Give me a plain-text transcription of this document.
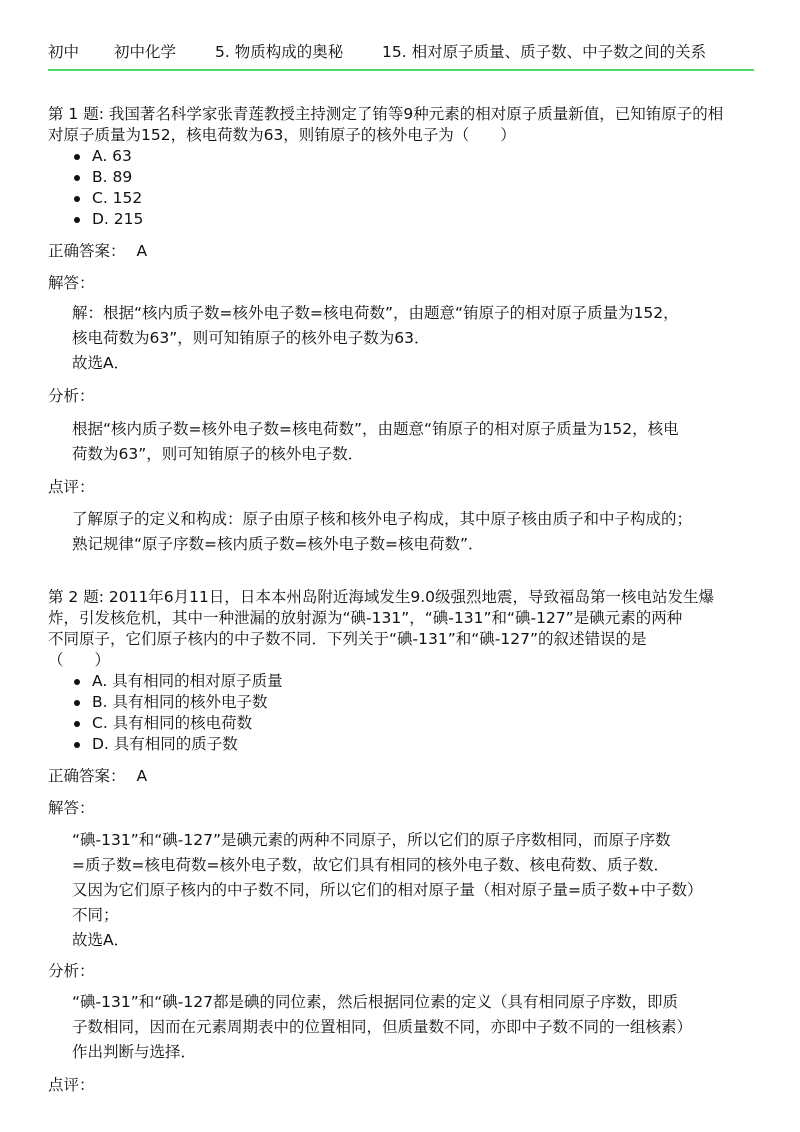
初中 初中化学	5. 物质构成的奥秘	15. 相对原子质量、质子数、中子数之间的关系
第 1 题: 我国著名科学家张青莲教授主持测定了铕等9种元素的相对原子质量新值，已知铕原子的相
对原子质量为152，核电荷数为63，则铕原子的核外电子为（　　）
A. 63
B. 89
C. 152
D. 215
正确答案： A
解答：
解：根据“核内质子数=核外电子数=核电荷数”，由题意“铕原子的相对原子质量为152，
核电荷数为63”，则可知铕原子的核外电子数为63．
故选A．
分析：
根据“核内质子数=核外电子数=核电荷数”，由题意“铕原子的相对原子质量为152，核电
荷数为63”，则可知铕原子的核外电子数．
点评：
了解原子的定义和构成：原子由原子核和核外电子构成，其中原子核由质子和中子构成的；
熟记规律“原子序数=核内质子数=核外电子数=核电荷数”．
第 2 题: 2011年6月11日，日本本州岛附近海域发生9.0级强烈地震，导致福岛第一核电站发生爆
炸，引发核危机，其中一种泄漏的放射源为“碘-131”，“碘-131”和“碘-127”是碘元素的两种
不同原子，它们原子核内的中子数不同．下列关于“碘-131”和“碘-127”的叙述错误的是
（　　）
A. 具有相同的相对原子质量
B. 具有相同的核外电子数
C. 具有相同的核电荷数
D. 具有相同的质子数
正确答案： A
解答：
“碘-131”和“碘-127”是碘元素的两种不同原子，所以它们的原子序数相同，而原子序数
=质子数=核电荷数=核外电子数，故它们具有相同的核外电子数、核电荷数、质子数．
又因为它们原子核内的中子数不同，所以它们的相对原子量（相对原子量=质子数+中子数）
不同；
故选A．
分析：
“碘-131”和“碘-127都是碘的同位素，然后根据同位素的定义（具有相同原子序数，即质
子数相同，因而在元素周期表中的位置相同，但质量数不同，亦即中子数不同的一组核素）
作出判断与选择．
点评：
